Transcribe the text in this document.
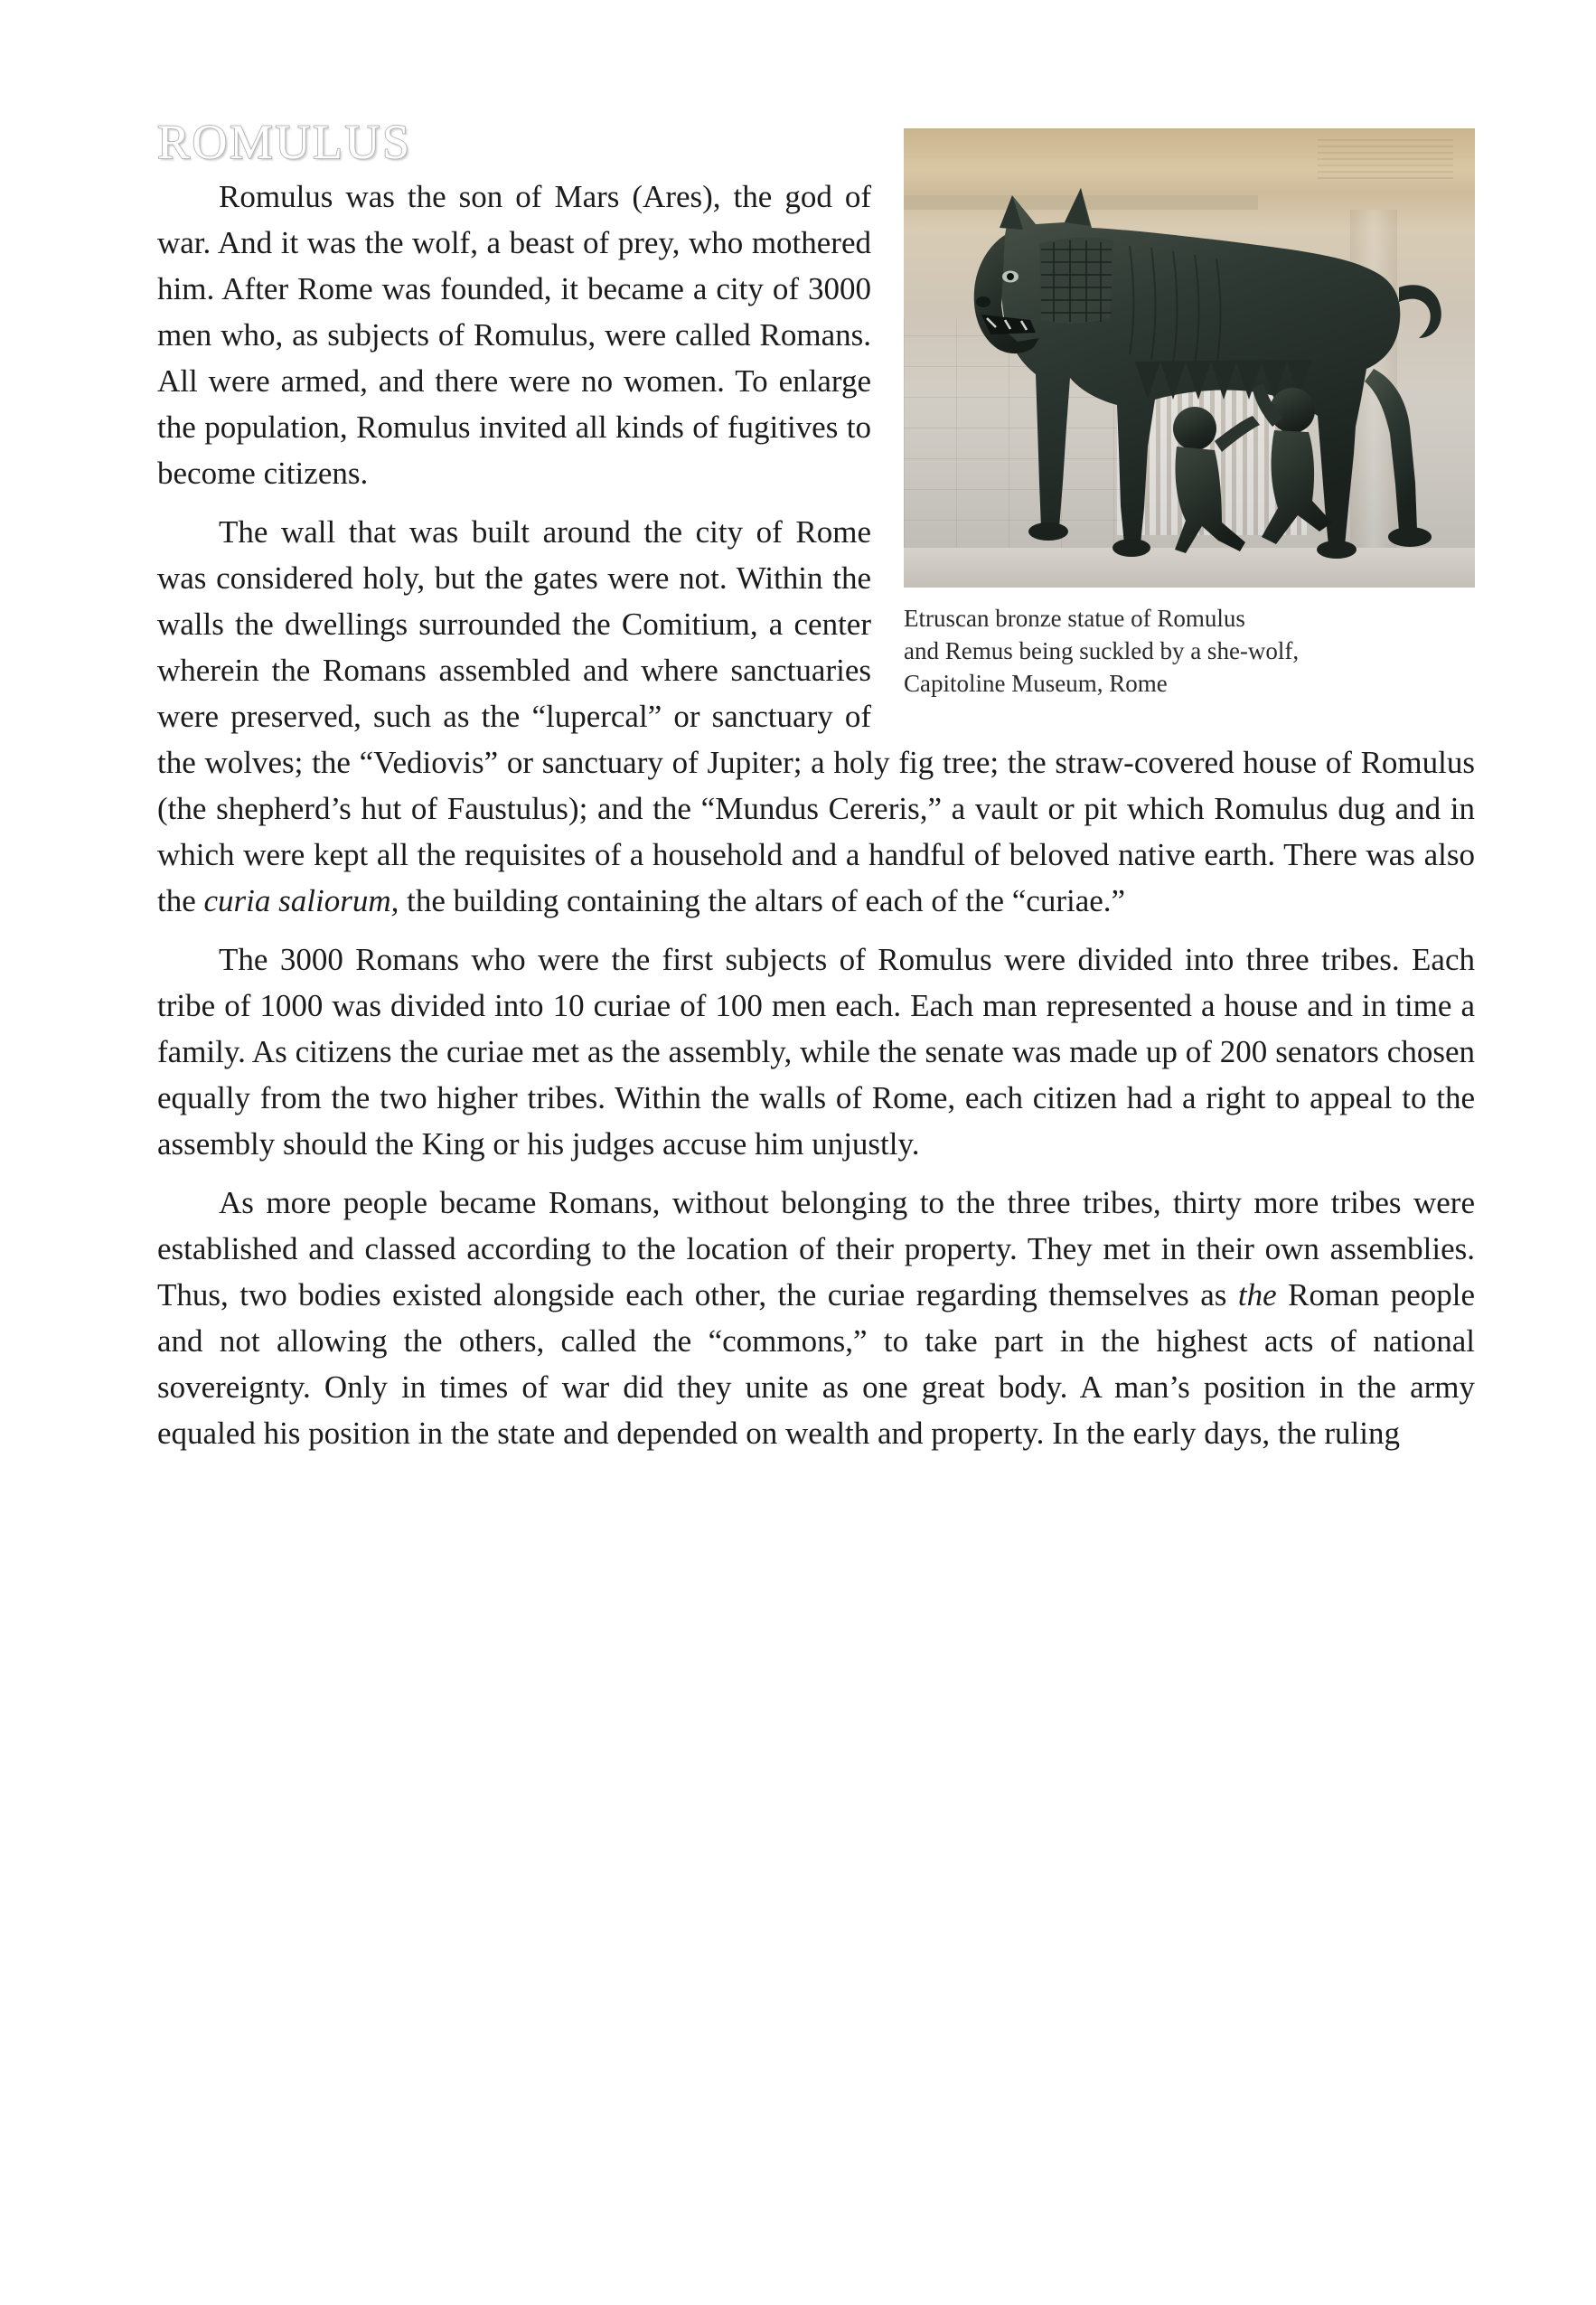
Etruscan bronze statue of Romulus
and Remus being suckled by a she-wolf,
Capitoline Museum, Rome
ROMULUS

Romulus was the son of Mars (Ares), the god of war. And it was the wolf, a beast of prey, who mothered him. After Rome was founded, it became a city of 3000 men who, as subjects of Romulus, were called Romans. All were armed, and there were no women. To enlarge the population, Romulus invited all kinds of fugitives to become citizens.

The wall that was built around the city of Rome was considered holy, but the gates were not. Within the walls the dwellings surrounded the Comitium, a center wherein the Romans assembled and where sanctuaries were preserved, such as the “lupercal” or sanctuary of the wolves; the “Vediovis” or sanctuary of Jupiter; a holy fig tree; the straw-covered house of Romulus (the shepherd’s hut of Faustulus); and the “Mundus Cereris,” a vault or pit which Romulus dug and in which were kept all the requisites of a household and a handful of beloved native earth. There was also the curia saliorum, the building containing the altars of each of the “curiae.”

The 3000 Romans who were the first subjects of Romulus were divided into three tribes. Each tribe of 1000 was divided into 10 curiae of 100 men each. Each man represented a house and in time a family. As citizens the curiae met as the assembly, while the senate was made up of 200 senators chosen equally from the two higher tribes. Within the walls of Rome, each citizen had a right to appeal to the assembly should the King or his judges accuse him unjustly.

As more people became Romans, without belonging to the three tribes, thirty more tribes were established and classed according to the location of their property. They met in their own assemblies. Thus, two bodies existed alongside each other, the curiae regarding themselves as the Roman people and not allowing the others, called the “commons,” to take part in the highest acts of national sovereignty. Only in times of war did they unite as one great body. A man’s position in the army equaled his position in the state and depended on wealth and property. In the early days, the ruling
